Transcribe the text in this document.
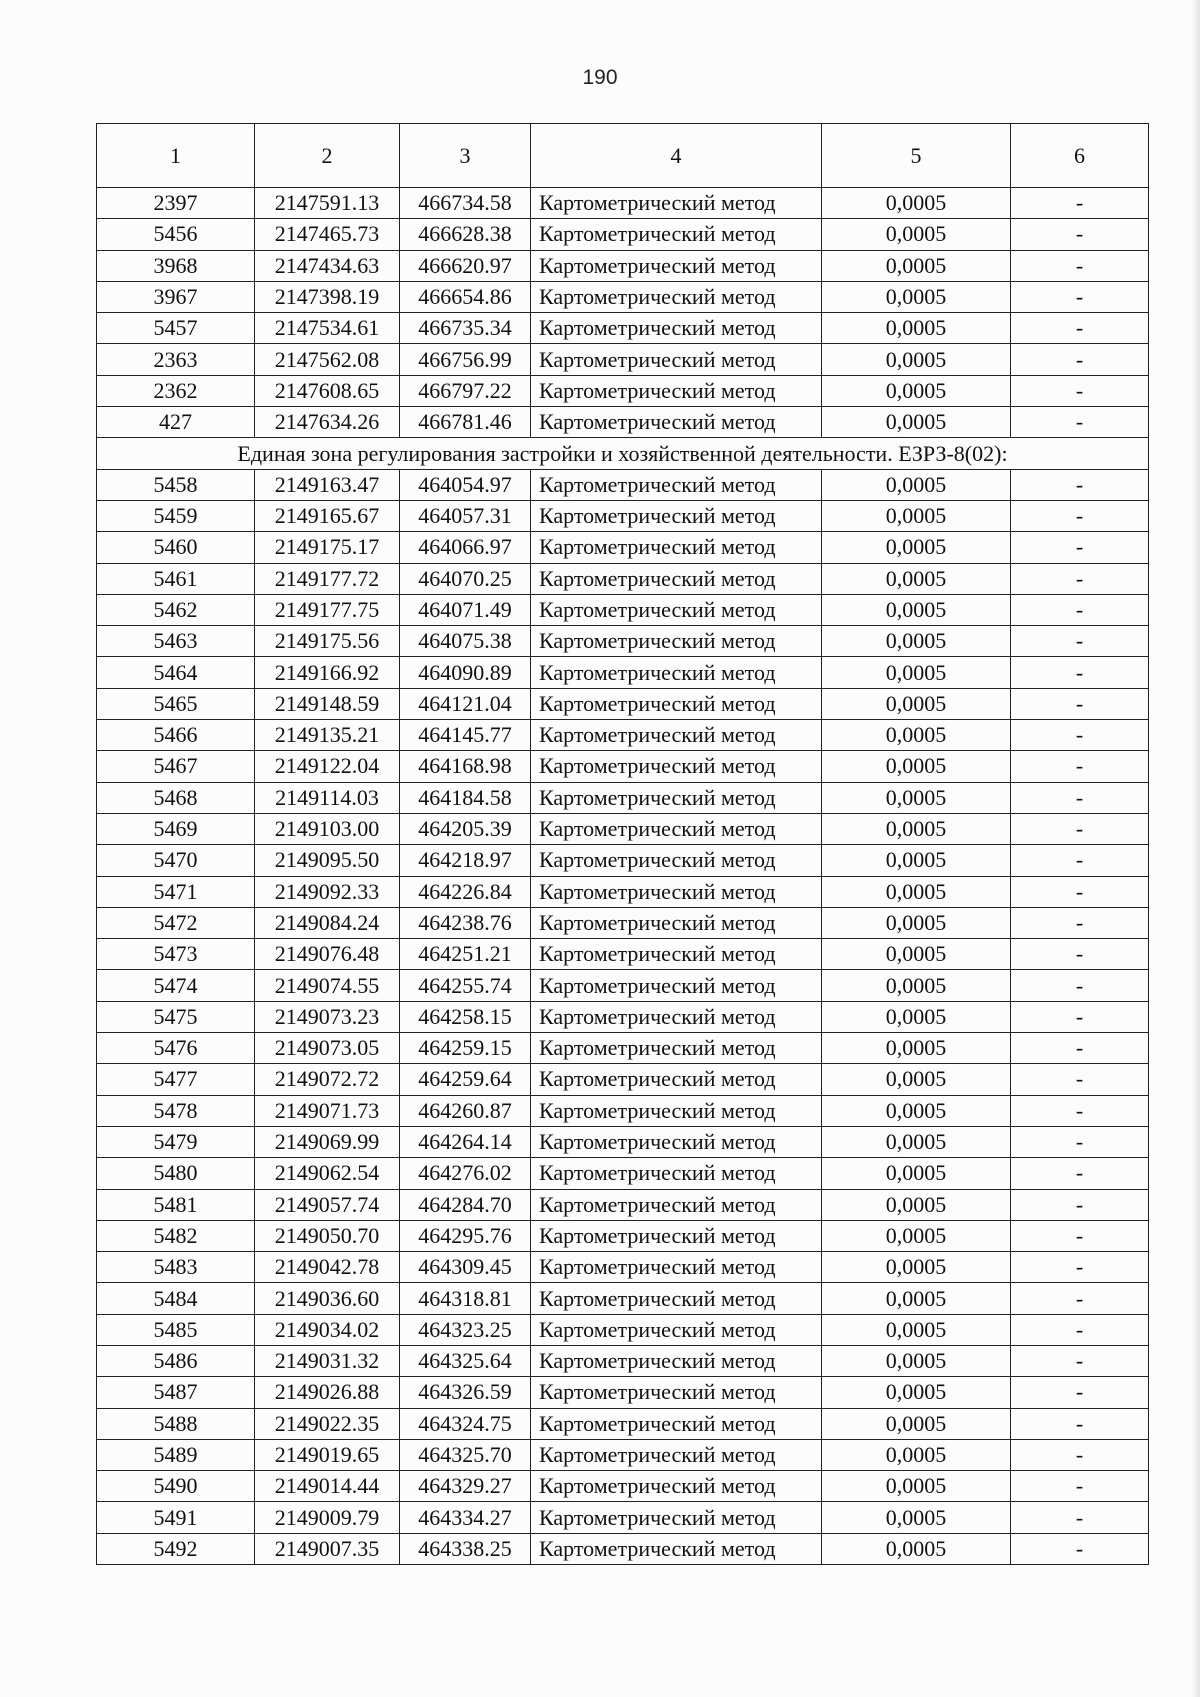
190
1	2	3	4	5	6
2397	2147591.13	466734.58	Картометрический метод	0,0005	-
5456	2147465.73	466628.38	Картометрический метод	0,0005	-
3968	2147434.63	466620.97	Картометрический метод	0,0005	-
3967	2147398.19	466654.86	Картометрический метод	0,0005	-
5457	2147534.61	466735.34	Картометрический метод	0,0005	-
2363	2147562.08	466756.99	Картометрический метод	0,0005	-
2362	2147608.65	466797.22	Картометрический метод	0,0005	-
427	2147634.26	466781.46	Картометрический метод	0,0005	-
Единая зона регулирования застройки и хозяйственной деятельности. ЕЗРЗ-8(02):					
5458	2149163.47	464054.97	Картометрический метод	0,0005	-
5459	2149165.67	464057.31	Картометрический метод	0,0005	-
5460	2149175.17	464066.97	Картометрический метод	0,0005	-
5461	2149177.72	464070.25	Картометрический метод	0,0005	-
5462	2149177.75	464071.49	Картометрический метод	0,0005	-
5463	2149175.56	464075.38	Картометрический метод	0,0005	-
5464	2149166.92	464090.89	Картометрический метод	0,0005	-
5465	2149148.59	464121.04	Картометрический метод	0,0005	-
5466	2149135.21	464145.77	Картометрический метод	0,0005	-
5467	2149122.04	464168.98	Картометрический метод	0,0005	-
5468	2149114.03	464184.58	Картометрический метод	0,0005	-
5469	2149103.00	464205.39	Картометрический метод	0,0005	-
5470	2149095.50	464218.97	Картометрический метод	0,0005	-
5471	2149092.33	464226.84	Картометрический метод	0,0005	-
5472	2149084.24	464238.76	Картометрический метод	0,0005	-
5473	2149076.48	464251.21	Картометрический метод	0,0005	-
5474	2149074.55	464255.74	Картометрический метод	0,0005	-
5475	2149073.23	464258.15	Картометрический метод	0,0005	-
5476	2149073.05	464259.15	Картометрический метод	0,0005	-
5477	2149072.72	464259.64	Картометрический метод	0,0005	-
5478	2149071.73	464260.87	Картометрический метод	0,0005	-
5479	2149069.99	464264.14	Картометрический метод	0,0005	-
5480	2149062.54	464276.02	Картометрический метод	0,0005	-
5481	2149057.74	464284.70	Картометрический метод	0,0005	-
5482	2149050.70	464295.76	Картометрический метод	0,0005	-
5483	2149042.78	464309.45	Картометрический метод	0,0005	-
5484	2149036.60	464318.81	Картометрический метод	0,0005	-
5485	2149034.02	464323.25	Картометрический метод	0,0005	-
5486	2149031.32	464325.64	Картометрический метод	0,0005	-
5487	2149026.88	464326.59	Картометрический метод	0,0005	-
5488	2149022.35	464324.75	Картометрический метод	0,0005	-
5489	2149019.65	464325.70	Картометрический метод	0,0005	-
5490	2149014.44	464329.27	Картометрический метод	0,0005	-
5491	2149009.79	464334.27	Картометрический метод	0,0005	-
5492	2149007.35	464338.25	Картометрический метод	0,0005	-
